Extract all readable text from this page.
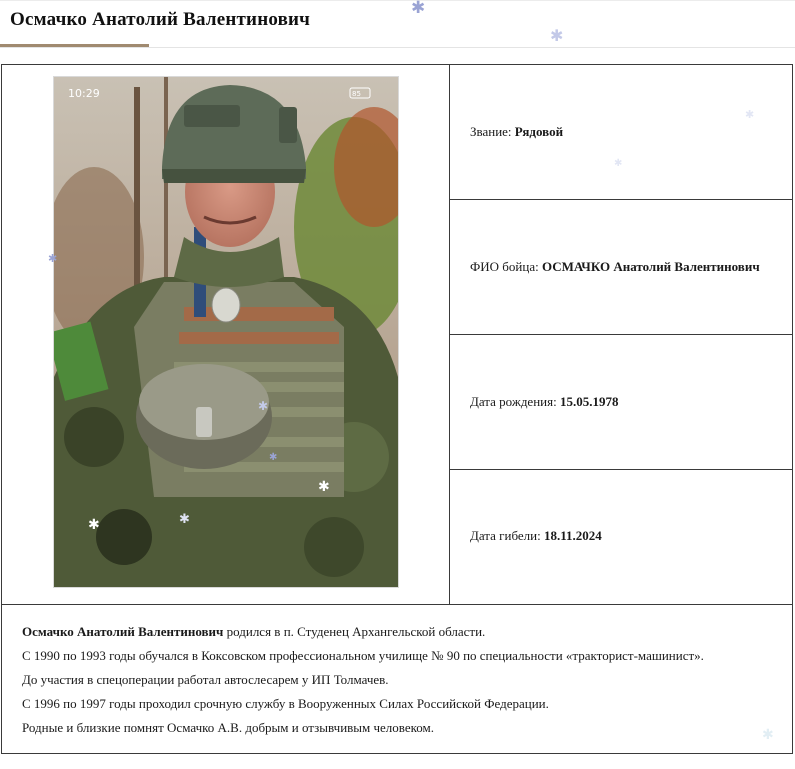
Осмачко Анатолий Валентинович
10:29	85
Звание: Рядовой
ФИО бойца: ОСМАЧКО Анатолий Валентинович
Дата рождения: 15.05.1978
Дата гибели: 18.11.2024

Осмачко Анатолий Валентинович родился в п. Студенец Архангельской области.

С 1990 по 1993 годы обучался в Коксовском профессиональном училище № 90 по специальности «тракторист-машинист».

До участия в спецоперации работал автослесарем у ИП Толмачев.

С 1996 по 1997 годы проходил срочную службу в Вооруженных Силах Российской Федерации.

Родные и близкие помнят Осмачко А.В. добрым и отзывчивым человеком.

✱
✱
✱
✱
✱
✱
✱	✱
✱
✱
✱
